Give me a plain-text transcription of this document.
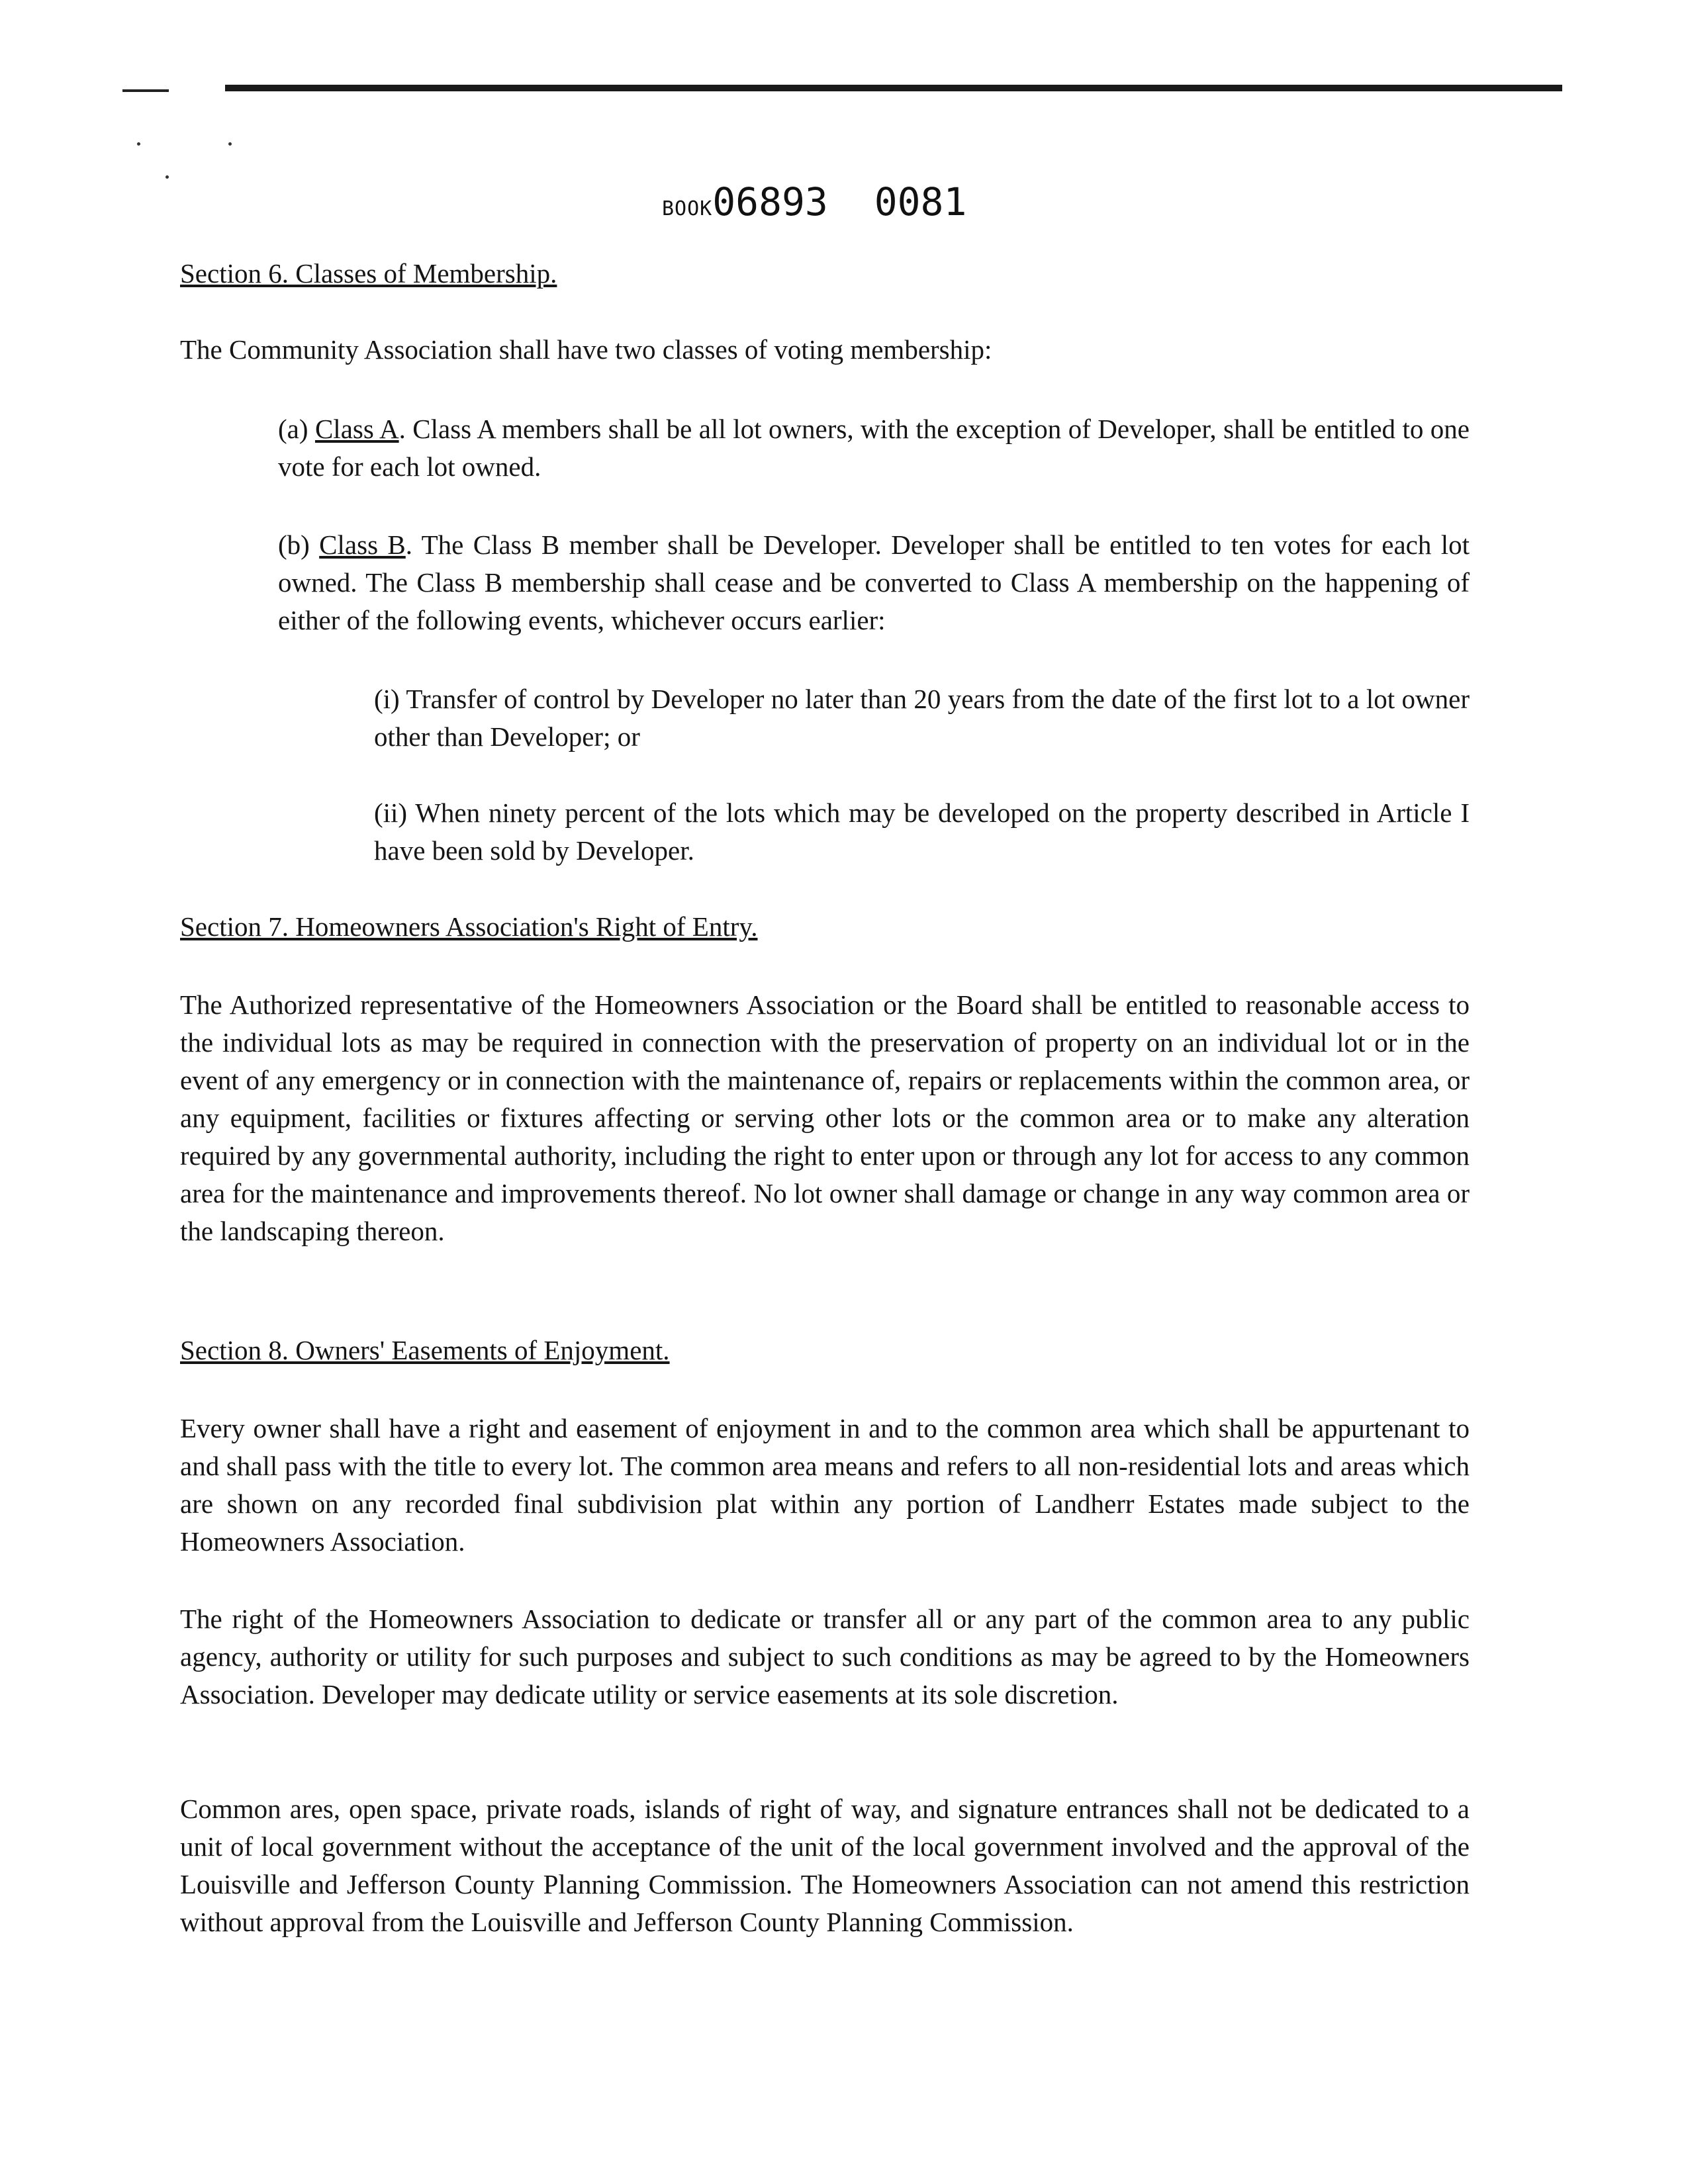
BOOK06893 0081
Section 6. Classes of Membership.

The Community Association shall have two classes of voting membership:

(a) Class A. Class A members shall be all lot owners, with the exception of Developer, shall be entitled to one vote for each lot owned.

(b) Class B. The Class B member shall be Developer. Developer shall be entitled to ten votes for each lot owned. The Class B membership shall cease and be converted to Class A membership on the happening of either of the following events, whichever occurs earlier:

(i) Transfer of control by Developer no later than 20 years from the date of the first lot to a lot owner other than Developer; or

(ii) When ninety percent of the lots which may be developed on the property described in Article I have been sold by Developer.

Section 7. Homeowners Association's Right of Entry.

The Authorized representative of the Homeowners Association or the Board shall be entitled to reasonable access to the individual lots as may be required in connection with the preservation of property on an individual lot or in the event of any emergency or in connection with the maintenance of, repairs or replacements within the common area, or any equipment, facilities or fixtures affecting or serving other lots or the common area or to make any alteration required by any governmental authority, including the right to enter upon or through any lot for access to any common area for the maintenance and improvements thereof. No lot owner shall damage or change in any way common area or the landscaping thereon.

Section 8. Owners' Easements of Enjoyment.

Every owner shall have a right and easement of enjoyment in and to the common area which shall be appurtenant to and shall pass with the title to every lot. The common area means and refers to all non-residential lots and areas which are shown on any recorded final subdivision plat within any portion of Landherr Estates made subject to the Homeowners Association.

The right of the Homeowners Association to dedicate or transfer all or any part of the common area to any public agency, authority or utility for such purposes and subject to such conditions as may be agreed to by the Homeowners Association. Developer may dedicate utility or service easements at its sole discretion.

Common ares, open space, private roads, islands of right of way, and signature entrances shall not be dedicated to a unit of local government without the acceptance of the unit of the local government involved and the approval of the Louisville and Jefferson County Planning Commission. The Homeowners Association can not amend this restriction without approval from the Louisville and Jefferson County Planning Commission.
